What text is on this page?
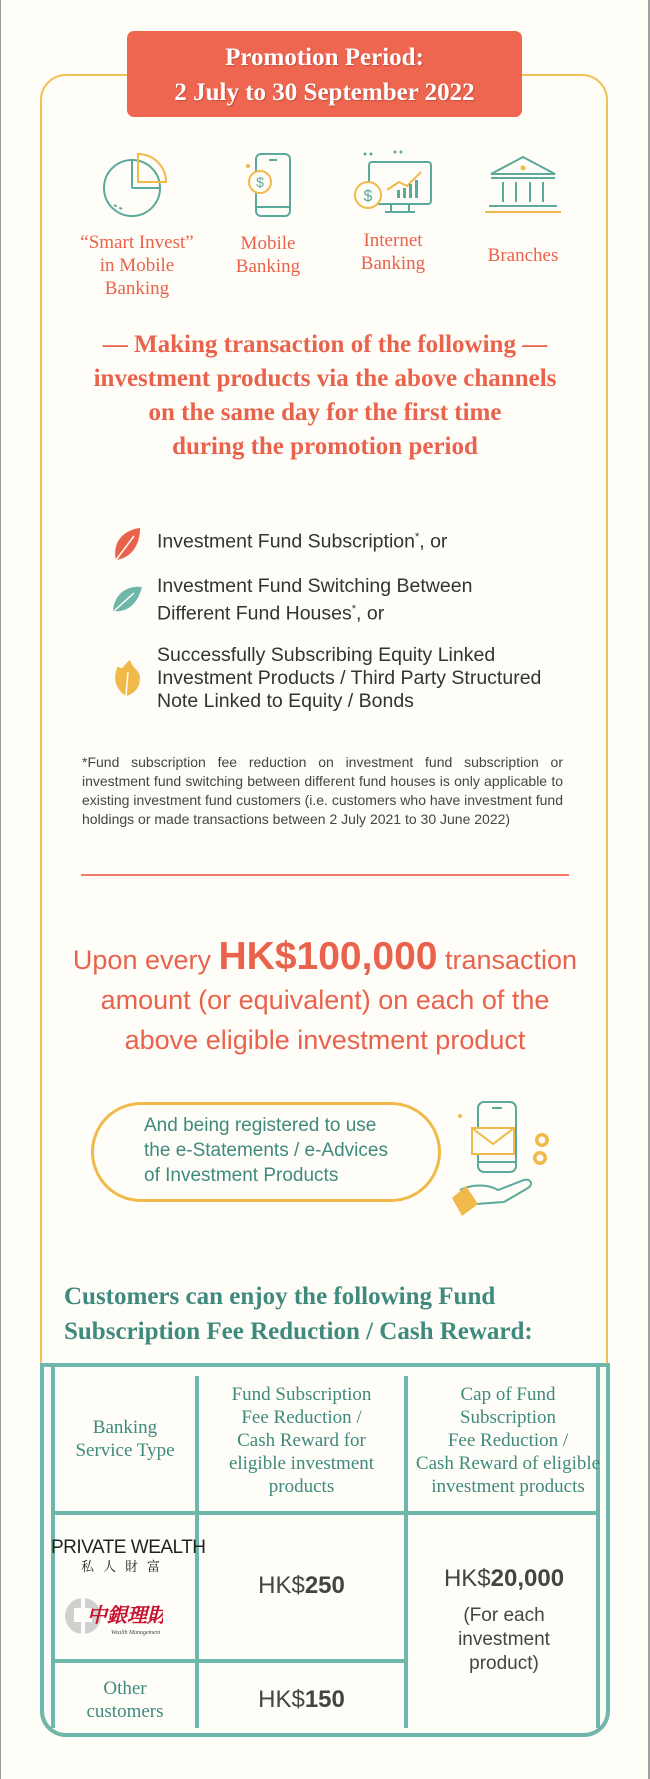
Promotion Period:
2 July to 30 September 2022
“Smart Invest”
in Mobile
Banking
$
Mobile
Banking
$
Internet
Banking	Branches
— Making transaction of the following —
investment products via the above channels
on the same day for the first time
during the promotion period
Investment Fund Subscription*, or
Investment Fund Switching Between
Different Fund Houses*, or
Successfully Subscribing Equity Linked
Investment Products / Third Party Structured
Note Linked to Equity / Bonds
*Fund subscription fee reduction on investment fund subscription or investment fund switching between different fund houses is only applicable to existing investment fund customers (i.e. customers who have investment fund holdings or made transactions between 2 July 2021 to 30 June 2022)
Upon every HK$100,000 transaction
amount (or equivalent) on each of the
above eligible investment product
And being registered to use
the e-Statements / e-Advices
of Investment Products
Customers can enjoy the following Fund
Subscription Fee Reduction / Cash Reward:
Banking
Service Type
Fund Subscription
Fee Reduction /
Cash Reward for
eligible investment
products
Cap of Fund
Subscription
Fee Reduction /
Cash Reward of eligible
investment products
PRIVATE WEALTH
私人財富
中銀理財
Wealth Management
HK$250
Other
customers	HK$150
HK$20,000
(For each
investment
product)
